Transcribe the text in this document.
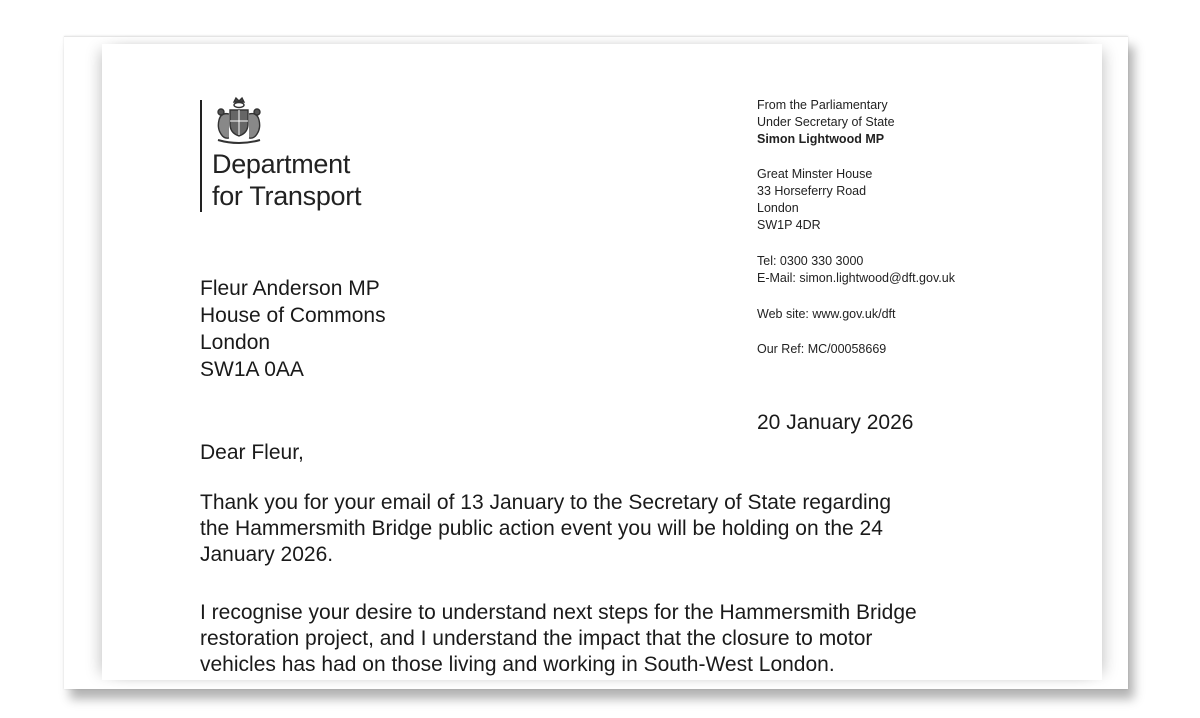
Department
for Transport
From the Parliamentary
Under Secretary of State
Simon Lightwood MP
Great Minster House
33 Horseferry Road
London
SW1P 4DR
Tel: 0300 330 3000
E-Mail: simon.lightwood@dft.gov.uk
Web site: www.gov.uk/dft
Our Ref: MC/00058669
Fleur Anderson MP
House of Commons
London
SW1A 0AA
20 January 2026
Dear Fleur,

Thank you for your email of 13 January to the Secretary of State regarding
the Hammersmith Bridge public action event you will be holding on the 24
January 2026.

I recognise your desire to understand next steps for the Hammersmith Bridge
restoration project, and I understand the impact that the closure to motor
vehicles has had on those living and working in South-West London.
